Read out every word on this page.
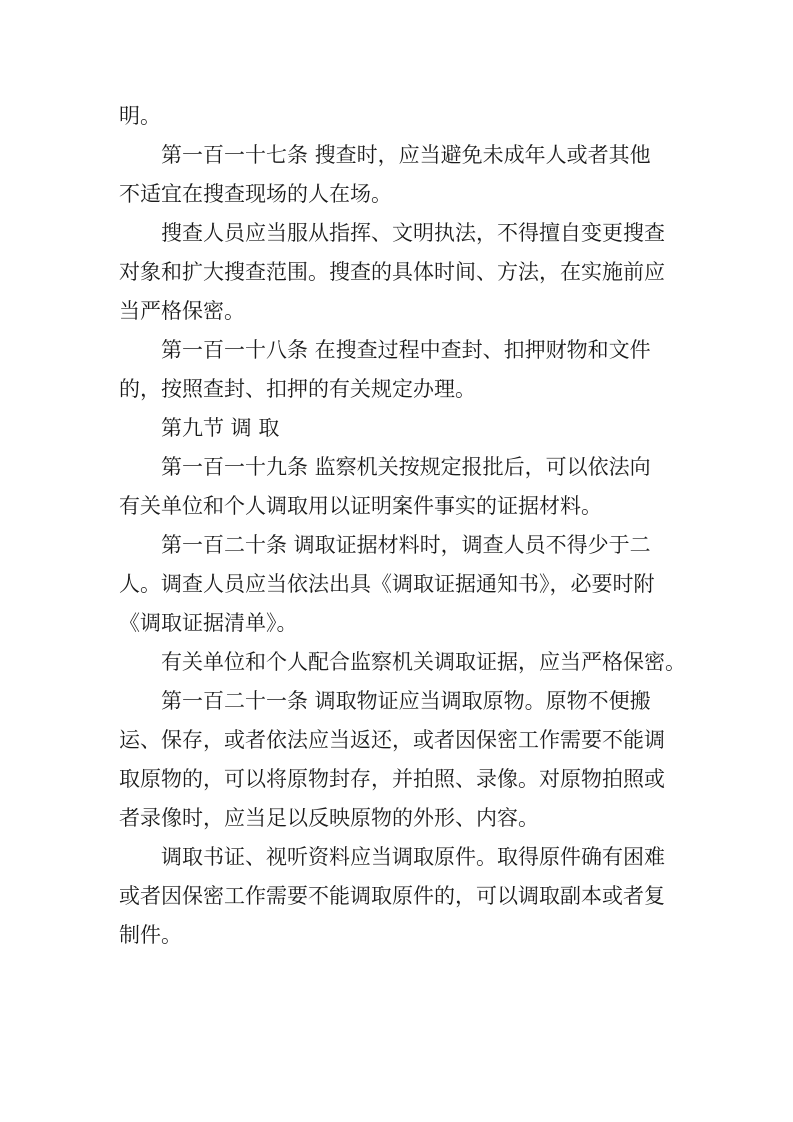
明。
第一百一十七条 搜查时，应当避免未成年人或者其他
不适宜在搜查现场的人在场。
搜查人员应当服从指挥、文明执法，不得擅自变更搜查
对象和扩大搜查范围。搜查的具体时间、方法，在实施前应
当严格保密。
第一百一十八条 在搜查过程中查封、扣押财物和文件
的，按照查封、扣押的有关规定办理。
第九节 调 取
第一百一十九条 监察机关按规定报批后，可以依法向
有关单位和个人调取用以证明案件事实的证据材料。
第一百二十条 调取证据材料时，调查人员不得少于二
人。调查人员应当依法出具《调取证据通知书》，必要时附
《调取证据清单》。
有关单位和个人配合监察机关调取证据，应当严格保密。
第一百二十一条 调取物证应当调取原物。原物不便搬
运、保存，或者依法应当返还，或者因保密工作需要不能调
取原物的，可以将原物封存，并拍照、录像。对原物拍照或
者录像时，应当足以反映原物的外形、内容。
调取书证、视听资料应当调取原件。取得原件确有困难
或者因保密工作需要不能调取原件的，可以调取副本或者复
制件。
